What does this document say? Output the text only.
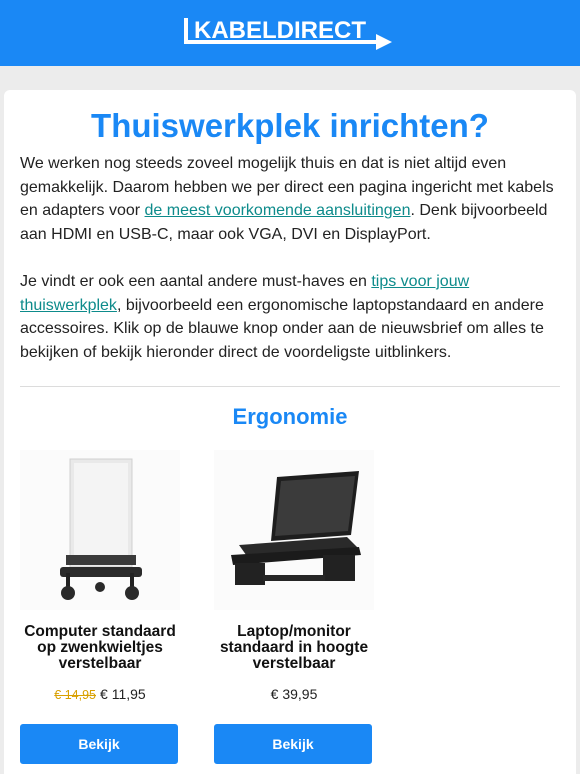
KABELDIRECT
Thuiswerkplek inrichten?

We werken nog steeds zoveel mogelijk thuis en dat is niet altijd even gemakkelijk. Daarom hebben we per direct een pagina ingericht met kabels en adapters voor de meest voorkomende aansluitingen. Denk bijvoorbeeld aan HDMI en USB-C, maar ook VGA, DVI en DisplayPort.

Je vindt er ook een aantal andere must-haves en tips voor jouw thuiswerkplek, bijvoorbeeld een ergonomische laptopstandaard en andere accessoires. Klik op de blauwe knop onder aan de nieuwsbrief om alles te bekijken of bekijk hieronder direct de voordeligste uitblinkers.

Ergonomie
Computer standaard op zwenkwieltjes verstelbaar
€ 14,95 € 11,95
Bekijk
Laptop/monitor standaard in hoogte verstelbaar
€ 39,95
Bekijk
